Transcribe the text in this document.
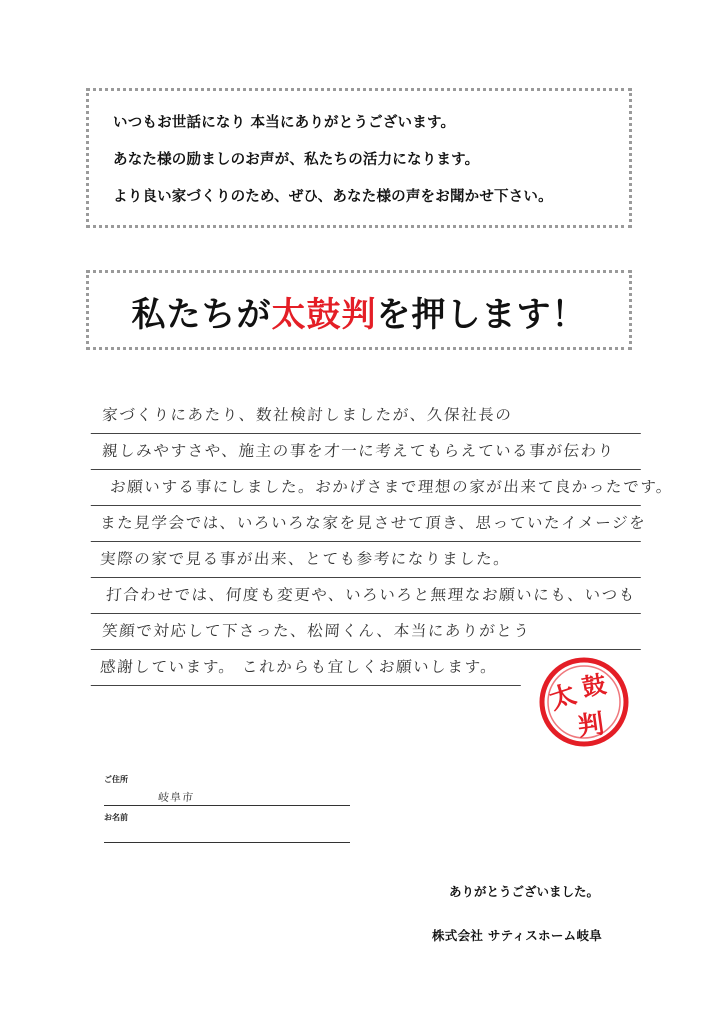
いつもお世話になり 本当にありがとうございます。
あなた様の励ましのお声が、私たちの活力になります。
より良い家づくりのため、ぜひ、あなた様の声をお聞かせ下さい。
私たちが太鼓判を押します！
家づくりにあたり、数社検討しましたが、久保社長の
親しみやすさや、施主の事を才一に考えてもらえている事が伝わり
お願いする事にしました。おかげさまで理想の家が出来て良かったです。
また見学会では、いろいろな家を見させて頂き、思っていたイメージを
実際の家で見る事が出来、とても参考になりました。
打合わせでは、何度も変更や、いろいろと無理なお願いにも、いつも
笑顔で対応して下さった、松岡くん、本当にありがとう
感謝しています。 これからも宜しくお願いします。
太 鼓
判
ご住所
岐阜市
お名前
ありがとうございました。
株式会社 サティスホーム岐阜
